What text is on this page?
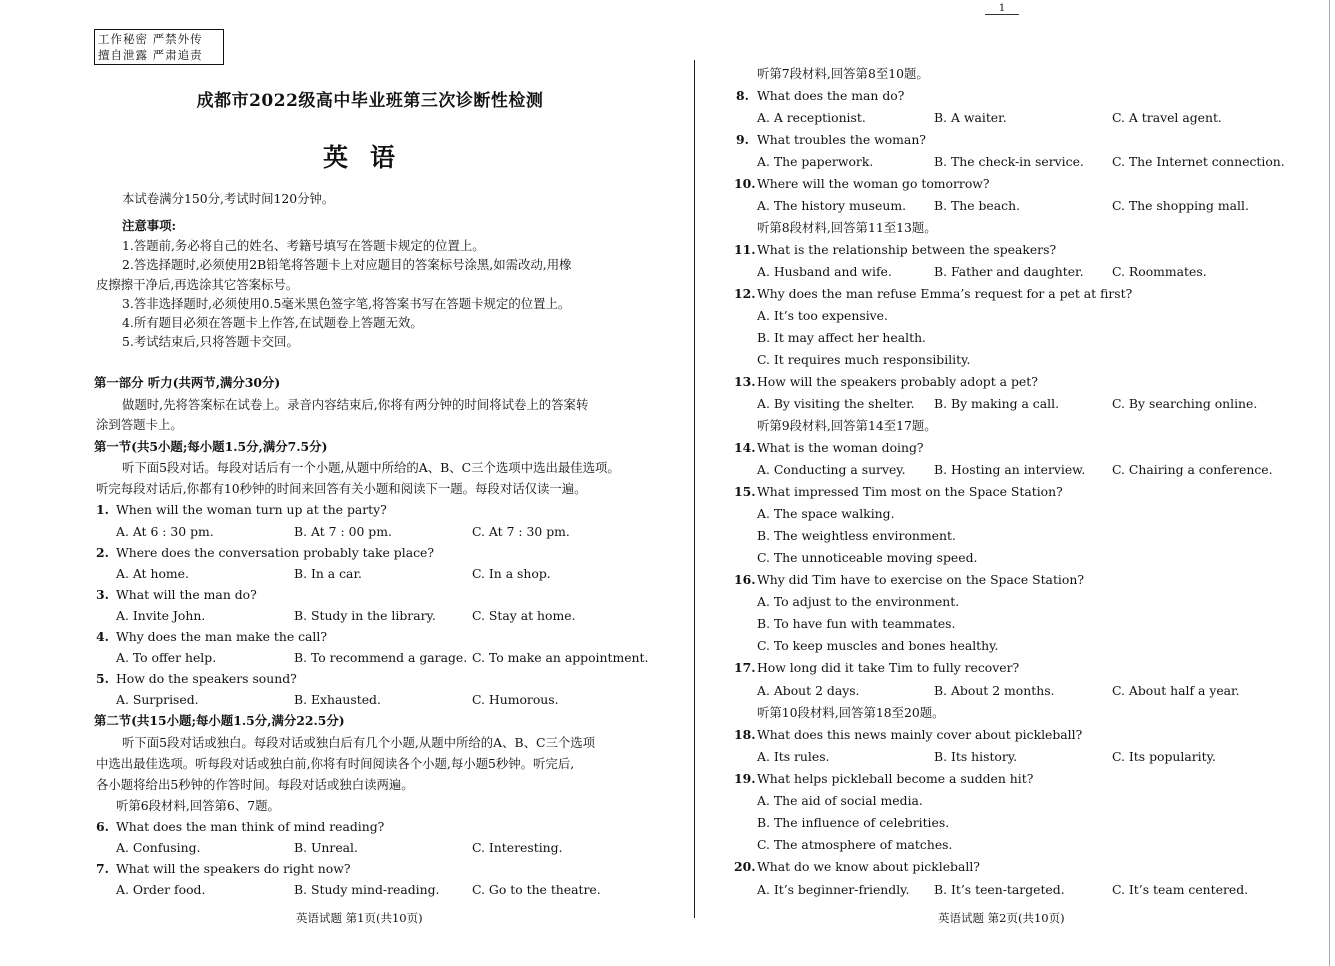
工作秘密 严禁外传
擅自泄露 严肃追责
1
成都市2022级高中毕业班第三次诊断性检测
英语
本试卷满分150分,考试时间120分钟。
注意事项:
1.答题前,务必将自己的姓名、考籍号填写在答题卡规定的位置上。
2.答选择题时,必须使用2B铅笔将答题卡上对应题目的答案标号涂黑,如需改动,用橡
皮擦擦干净后,再选涂其它答案标号。
3.答非选择题时,必须使用0.5毫米黑色签字笔,将答案书写在答题卡规定的位置上。
4.所有题目必须在答题卡上作答,在试题卷上答题无效。
5.考试结束后,只将答题卡交回。
第一部分 听力(共两节,满分30分)
做题时,先将答案标在试卷上。录音内容结束后,你将有两分钟的时间将试卷上的答案转
涂到答题卡上。
第一节(共5小题;每小题1.5分,满分7.5分)
听下面5段对话。每段对话后有一个小题,从题中所给的A、B、C三个选项中选出最佳选项。
听完每段对话后,你都有10秒钟的时间来回答有关小题和阅读下一题。每段对话仅读一遍。
1. When will the woman turn up at the party?
A. At 6 : 30 pm.	B. At 7 : 00 pm.	C. At 7 : 30 pm.
2. Where does the conversation probably take place?
A. At home.	B. In a car.	C. In a shop.
3. What will the man do?
A. Invite John.	B. Study in the library.	C. Stay at home.
4. Why does the man make the call?
A. To offer help.	B. To recommend a garage. C. To make an appointment.
5. How do the speakers sound?
A. Surprised.	B. Exhausted.	C. Humorous.
第二节(共15小题;每小题1.5分,满分22.5分)
听下面5段对话或独白。每段对话或独白后有几个小题,从题中所给的A、B、C三个选项
中选出最佳选项。听每段对话或独白前,你将有时间阅读各个小题,每小题5秒钟。听完后,
各小题将给出5秒钟的作答时间。每段对话或独白读两遍。
听第6段材料,回答第6、7题。
6. What does the man think of mind reading?
A. Confusing.	B. Unreal.	C. Interesting.
7. What will the speakers do right now?
A. Order food.	B. Study mind-reading.	C. Go to the theatre.
听第7段材料,回答第8至10题。
8. What does the man do?
A. A receptionist.	B. A waiter.	C. A travel agent.
9. What troubles the woman?
A. The paperwork.	B. The check-in service. C. The Internet connection.
10. Where will the woman go tomorrow?
A. The history museum. B. The beach.	C. The shopping mall.
听第8段材料,回答第11至13题。
11. What is the relationship between the speakers?
A. Husband and wife.	B. Father and daughter. C. Roommates.
12. Why does the man refuse Emma’s request for a pet at first?
A. It’s too expensive.
B. It may affect her health.
C. It requires much responsibility.
13. How will the speakers probably adopt a pet?
A. By visiting the shelter. B. By making a call.	C. By searching online.
听第9段材料,回答第14至17题。
14. What is the woman doing?
A. Conducting a survey. B. Hosting an interview. C. Chairing a conference.
15. What impressed Tim most on the Space Station?
A. The space walking.
B. The weightless environment.
C. The unnoticeable moving speed.
16. Why did Tim have to exercise on the Space Station?
A. To adjust to the environment.
B. To have fun with teammates.
C. To keep muscles and bones healthy.
17. How long did it take Tim to fully recover?
A. About 2 days.	B. About 2 months.	C. About half a year.
听第10段材料,回答第18至20题。
18. What does this news mainly cover about pickleball?
A. Its rules.	B. Its history.	C. Its popularity.
19. What helps pickleball become a sudden hit?
A. The aid of social media.
B. The influence of celebrities.
C. The atmosphere of matches.
20. What do we know about pickleball?
A. It’s beginner-friendly. B. It’s teen-targeted.	C. It’s team centered.
英语试题 第1页(共10页)	英语试题 第2页(共10页)
